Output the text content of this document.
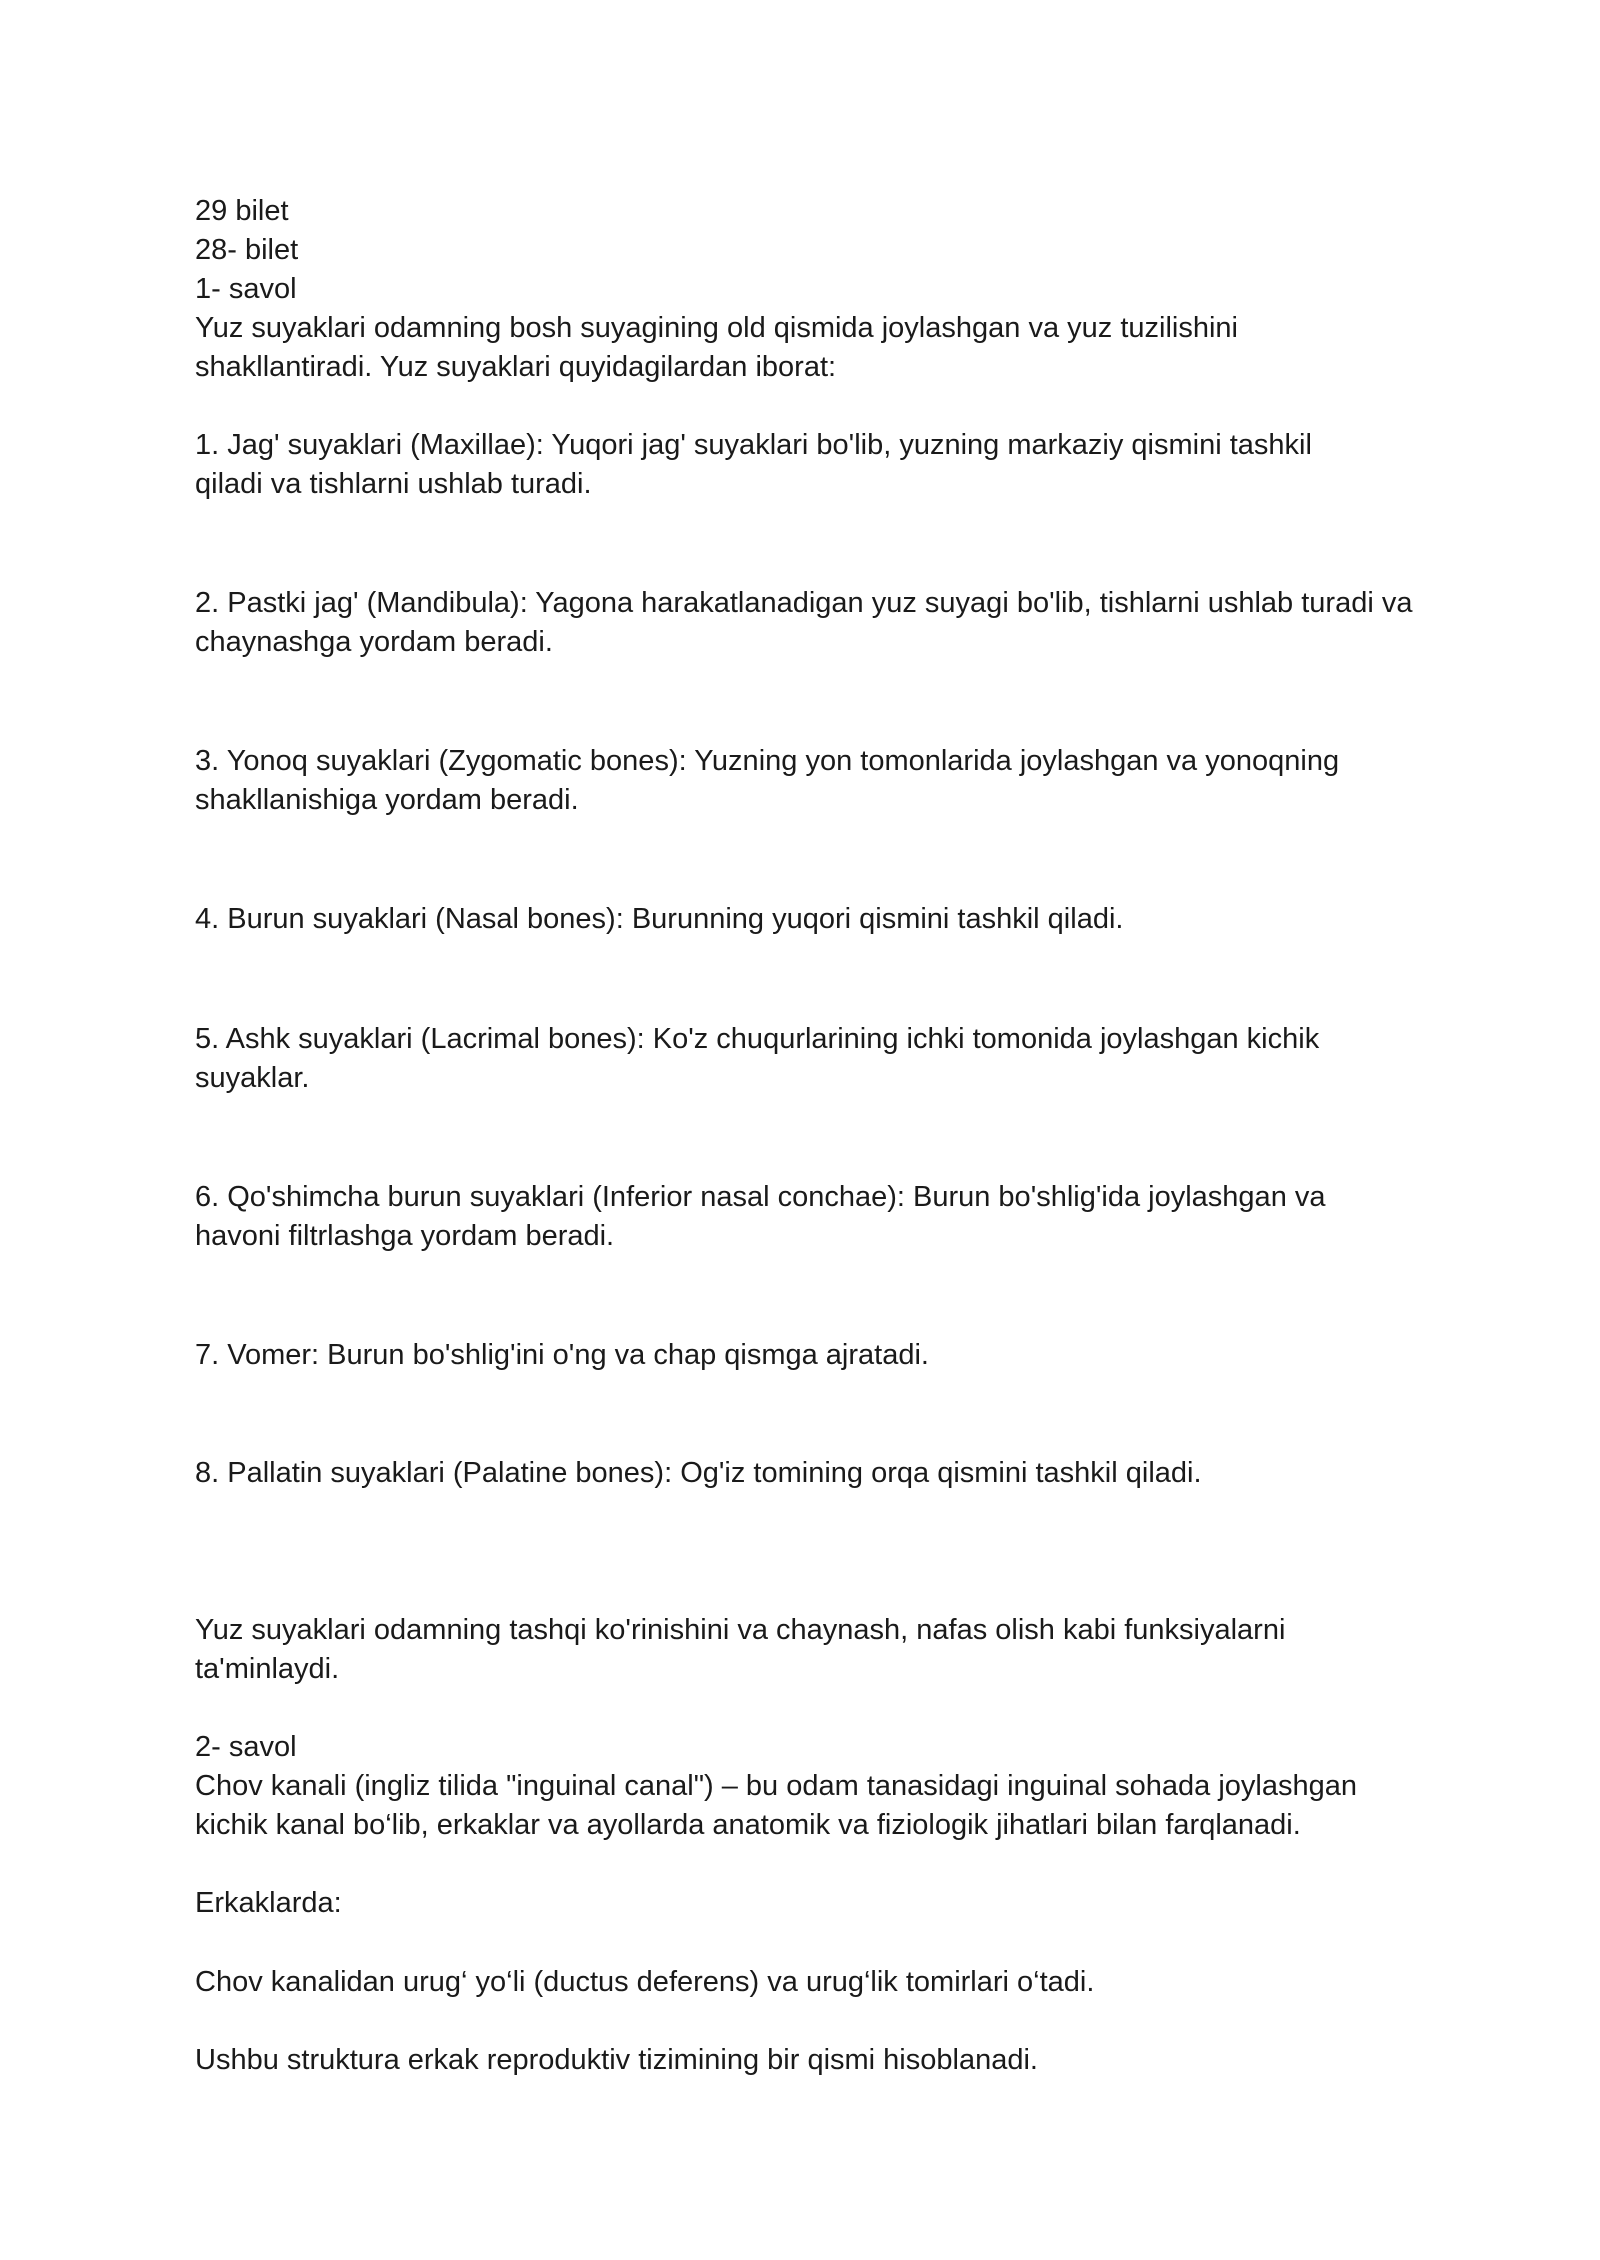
29 bilet

28- bilet

1- savol

Yuz suyaklari odamning bosh suyagining old qismida joylashgan va yuz tuzilishini shakllantiradi. Yuz suyaklari quyidagilardan iborat:

1. Jag' suyaklari (Maxillae): Yuqori jag' suyaklari bo'lib, yuzning markaziy qismini tashkil qiladi va tishlarni ushlab turadi.

2. Pastki jag' (Mandibula): Yagona harakatlanadigan yuz suyagi bo'lib, tishlarni ushlab turadi va chaynashga yordam beradi.

3. Yonoq suyaklari (Zygomatic bones): Yuzning yon tomonlarida joylashgan va yonoqning shakllanishiga yordam beradi.

4. Burun suyaklari (Nasal bones): Burunning yuqori qismini tashkil qiladi.

5. Ashk suyaklari (Lacrimal bones): Ko'z chuqurlarining ichki tomonida joylashgan kichik suyaklar.

6. Qo'shimcha burun suyaklari (Inferior nasal conchae): Burun bo'shlig'ida joylashgan va havoni filtrlashga yordam beradi.

7. Vomer: Burun bo'shlig'ini o'ng va chap qismga ajratadi.

8. Pallatin suyaklari (Palatine bones): Og'iz tomining orqa qismini tashkil qiladi.

Yuz suyaklari odamning tashqi ko'rinishini va chaynash, nafas olish kabi funksiyalarni ta'minlaydi.

2- savol

Chov kanali (ingliz tilida "inguinal canal") – bu odam tanasidagi inguinal sohada joylashgan kichik kanal bo‘lib, erkaklar va ayollarda anatomik va fiziologik jihatlari bilan farqlanadi.

Erkaklarda:

Chov kanalidan urug‘ yo‘li (ductus deferens) va urug‘lik tomirlari o‘tadi.

Ushbu struktura erkak reproduktiv tizimining bir qismi hisoblanadi.
